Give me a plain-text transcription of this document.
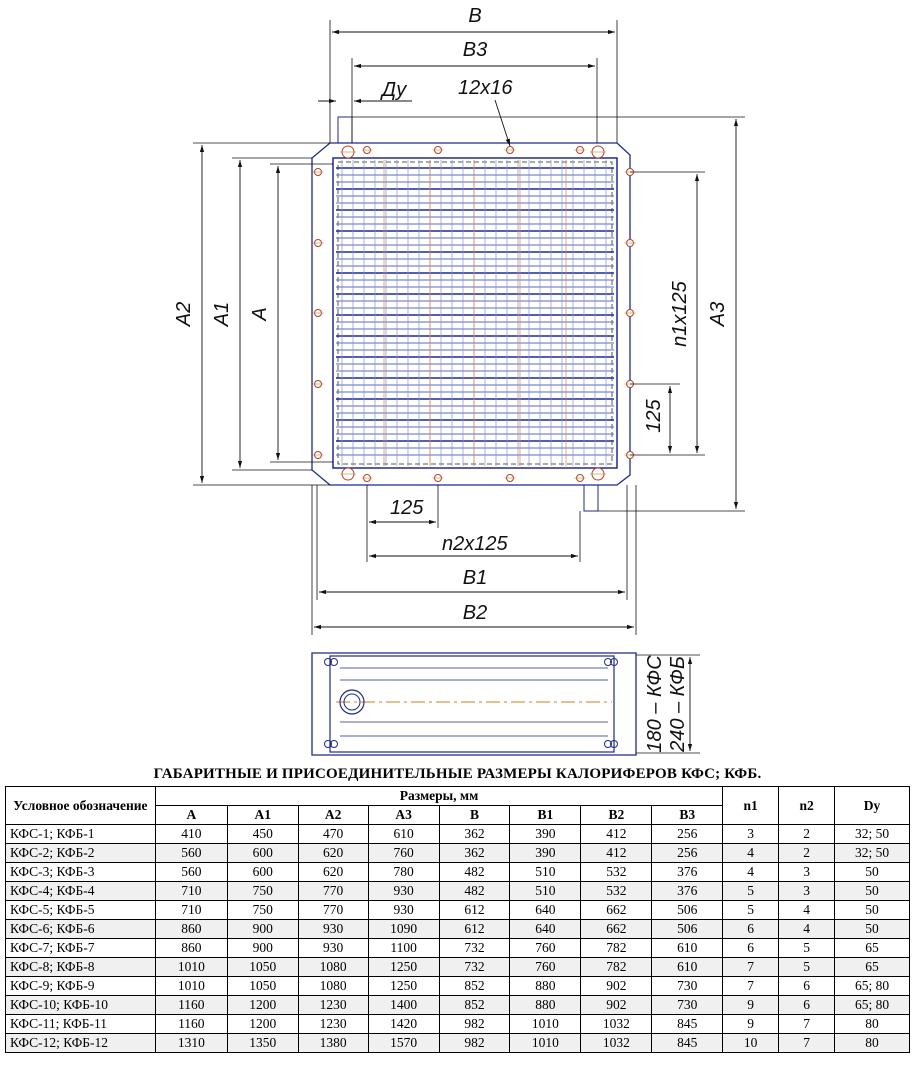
B
B3
Ду	12x16
A2 A1 A	A3
n1x125
125
125
n2x125
B1
B2
180 – КФС 240 – КФБ
ГАБАРИТНЫЕ И ПРИСОЕДИНИТЕЛЬНЫЕ РАЗМЕРЫ КАЛОРИФЕРОВ КФС; КФБ.
Условное обозначение	Размеры, мм								n1	n2	Dy
	A	A1	A2	A3	B	B1	B2	B3			
КФС-1; КФБ-1	410	450	470	610	362	390	412	256	3	2	32; 50
КФС-2; КФБ-2	560	600	620	760	362	390	412	256	4	2	32; 50
КФС-3; КФБ-3	560	600	620	780	482	510	532	376	4	3	50
КФС-4; КФБ-4	710	750	770	930	482	510	532	376	5	3	50
КФС-5; КФБ-5	710	750	770	930	612	640	662	506	5	4	50
КФС-6; КФБ-6	860	900	930	1090	612	640	662	506	6	4	50
КФС-7; КФБ-7	860	900	930	1100	732	760	782	610	6	5	65
КФС-8; КФБ-8	1010	1050	1080	1250	732	760	782	610	7	5	65
КФС-9; КФБ-9	1010	1050	1080	1250	852	880	902	730	7	6	65; 80
КФС-10; КФБ-10	1160	1200	1230	1400	852	880	902	730	9	6	65; 80
КФС-11; КФБ-11	1160	1200	1230	1420	982	1010	1032	845	9	7	80
КФС-12; КФБ-12	1310	1350	1380	1570	982	1010	1032	845	10	7	80
